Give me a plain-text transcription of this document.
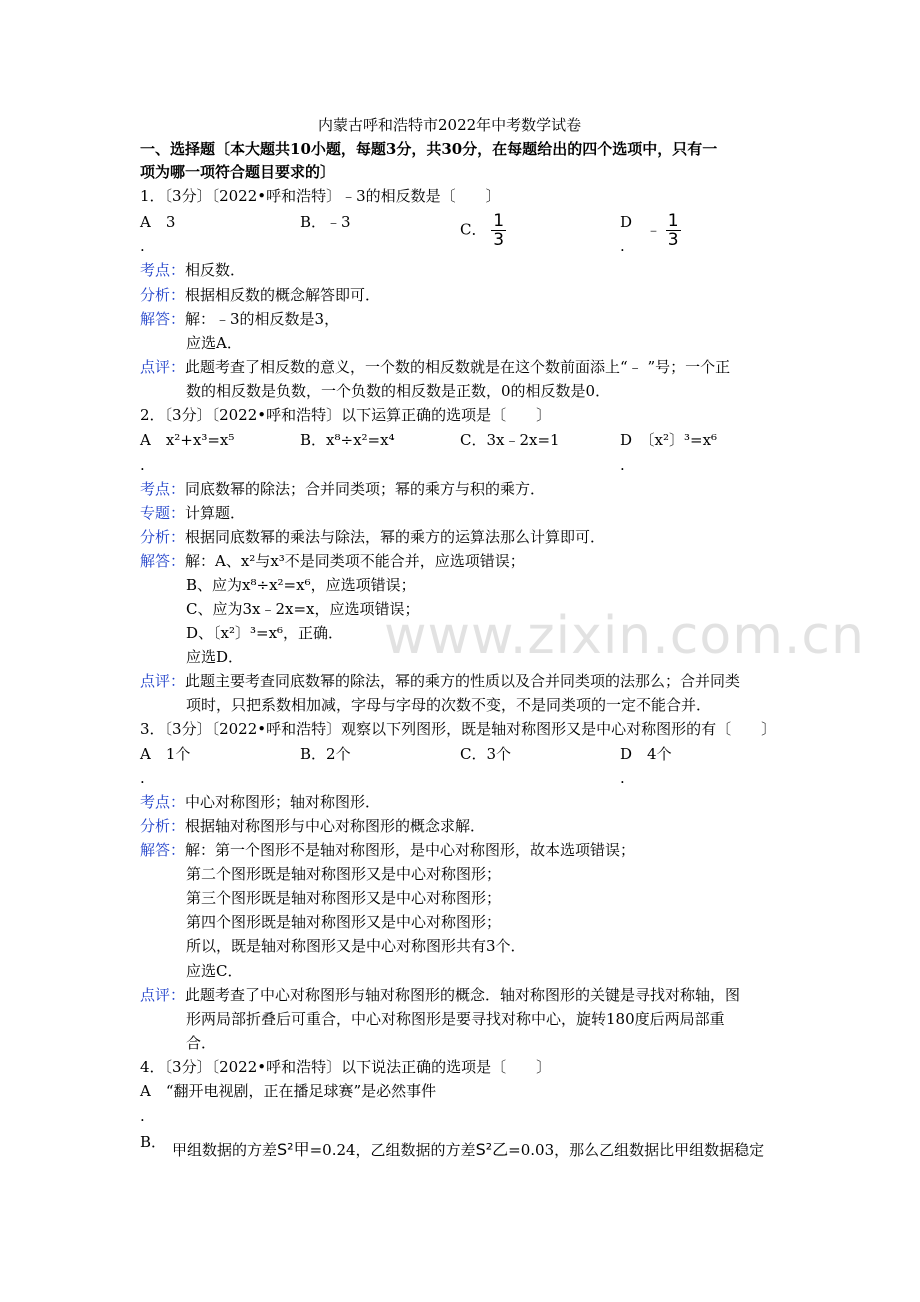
www.zixin.com.cn
内蒙古呼和浩特市2022年中考数学试卷
一、选择题〔本大题共10小题，每题3分，共30分，在每题给出的四个选项中，只有一
项为哪一项符合题目要求的〕
1．〔3分〕〔2022•呼和浩特〕﹣3的相反数是〔　　〕
A　3
.
B．﹣3	C． $\frac{1}{3}$	D
.
﹣ $\frac{1}{3}$
考点：相反数．
分析：根据相反数的概念解答即可．
解答：解：﹣3的相反数是3，
应选A．
点评：此题考查了相反数的意义，一个数的相反数就是在这个数前面添上“﹣ ”号；一个正
数的相反数是负数，一个负数的相反数是正数，0的相反数是0．
2．〔3分〕〔2022•呼和浩特〕以下运算正确的选项是〔　　〕
A　x²+x³=x⁵
.
B．x⁸÷x²=x⁴	C．3x﹣2x=1	D　〔x²〕³=x⁶
.
考点：同底数幂的除法；合并同类项；幂的乘方与积的乘方．
专题：计算题．
分析：根据同底数幂的乘法与除法，幂的乘方的运算法那么计算即可．
解答：解：A、x²与x³不是同类项不能合并，应选项错误；
B、应为x⁸÷x²=x⁶，应选项错误；
C、应为3x﹣2x=x，应选项错误；
D、〔x²〕³=x⁶，正确．
应选D．
点评：此题主要考查同底数幂的除法，幂的乘方的性质以及合并同类项的法那么；合并同类
项时，只把系数相加减，字母与字母的次数不变，不是同类项的一定不能合并．
3．〔3分〕〔2022•呼和浩特〕观察以下列图形，既是轴对称图形又是中心对称图形的有〔　　〕
A　1个
.
B．2个	C．3个	D　4个
.
考点：中心对称图形；轴对称图形．
分析：根据轴对称图形与中心对称图形的概念求解．
解答：解：第一个图形不是轴对称图形，是中心对称图形，故本选项错误；
第二个图形既是轴对称图形又是中心对称图形；
第三个图形既是轴对称图形又是中心对称图形；
第四个图形既是轴对称图形又是中心对称图形；
所以，既是轴对称图形又是中心对称图形共有3个．
应选C．
点评：此题考查了中心对称图形与轴对称图形的概念．轴对称图形的关键是寻找对称轴，图
形两局部折叠后可重合，中心对称图形是要寻找对称中心，旋转180度后两局部重
合．
4．〔3分〕〔2022•呼和浩特〕以下说法正确的选项是〔　　〕
A　“翻开电视剧，正在播足球赛”是必然事件
.
B． 甲组数据的方差S²甲=0.24，乙组数据的方差S²乙=0.03，那么乙组数据比甲组数据稳定
